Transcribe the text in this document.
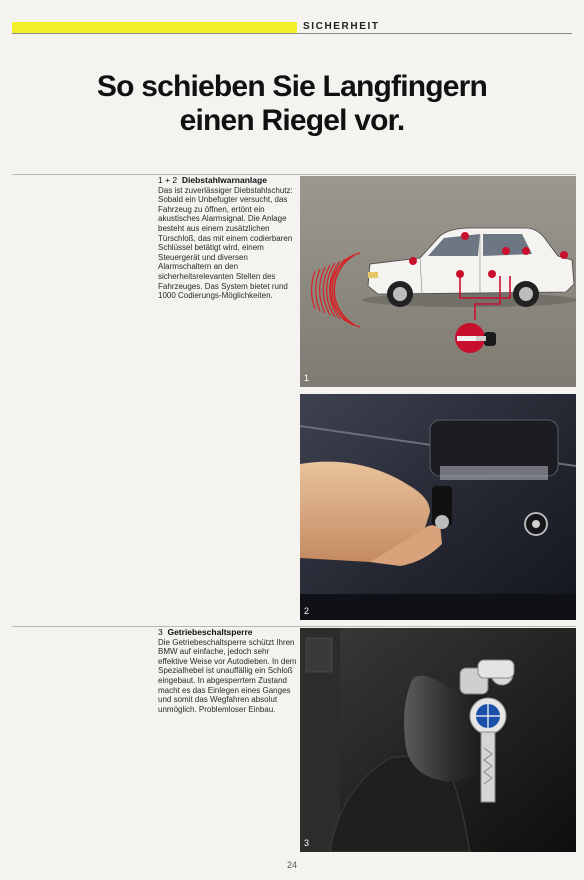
SICHERHEIT
So schieben Sie Langfingern
einen Riegel vor.
1 + 2 Diebstahlwarnanlage
Das ist zuverlässiger Diebstahlschutz: Sobald ein Unbefugter versucht, das Fahrzeug zu öffnen, ertönt ein akustisches Alarmsignal. Die Anlage besteht aus einem zusätzlichen Türschloß, das mit einem codierbaren Schlüssel betätigt wird, einem Steuergerät und diversen Alarmschaltern an den sicherheitsrelevanten Stellen des Fahrzeuges. Das System bietet rund 1000 Codierungs-Möglichkeiten.
1
2
3 Getriebeschaltsperre
Die Getriebeschaltsperre schützt Ihren BMW auf einfache, jedoch sehr effektive Weise vor Autodieben. In dem Spezialhebel ist unauffällig ein Schloß eingebaut. In abgesperrtem Zustand macht es das Einlegen eines Ganges und somit das Wegfahren absolut unmöglich. Problemloser Einbau.
3
24
